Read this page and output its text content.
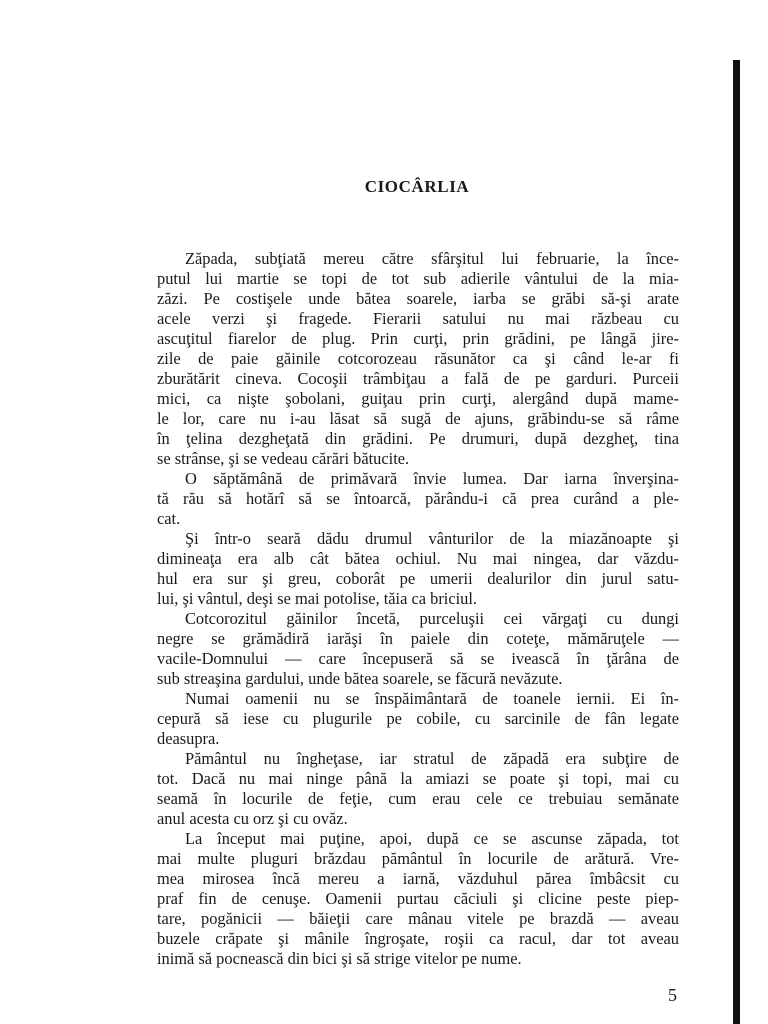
CIOCÂRLIA
Zăpada, subţiată mereu către sfârşitul lui februarie, la înce-
putul lui martie se topi de tot sub adierile vântului de la mia-
zăzi. Pe costişele unde bătea soarele, iarba se grăbi să-şi arate
acele verzi şi fragede. Fierarii satului nu mai răzbeau cu
ascuţitul fiarelor de plug. Prin curţi, prin grădini, pe lângă jire-
zile de paie găinile cotcorozeau răsunător ca şi când le-ar fi
zburătărit cineva. Cocoşii trâmbiţau a fală de pe garduri. Purceii
mici, ca nişte şobolani, guiţau prin curţi, alergând după mame-
le lor, care nu i-au lăsat să sugă de ajuns, grăbindu-se să râme
în ţelina dezgheţată din grădini. Pe drumuri, după dezgheţ, tina
se strânse, şi se vedeau cărări bătucite.
O săptămână de primăvară învie lumea. Dar iarna înverşina-
tă rău să hotărî să se întoarcă, părându-i că prea curând a ple-
cat.
Şi într-o seară dădu drumul vânturilor de la miazănoapte şi
dimineaţa era alb cât bătea ochiul. Nu mai ningea, dar văzdu-
hul era sur şi greu, coborât pe umerii dealurilor din jurul satu-
lui, şi vântul, deşi se mai potolise, tăia ca briciul.
Cotcorozitul găinilor încetă, purceluşii cei vărgaţi cu dungi
negre se grămădiră iarăşi în paiele din coteţe, mămăruţele —
vacile-Domnului — care începuseră să se ivească în ţărâna de
sub streaşina gardului, unde bătea soarele, se făcură nevăzute.
Numai oamenii nu se înspăimântară de toanele iernii. Ei în-
cepură să iese cu plugurile pe cobile, cu sarcinile de fân legate
deasupra.
Pământul nu îngheţase, iar stratul de zăpadă era subţire de
tot. Dacă nu mai ninge până la amiazi se poate şi topi, mai cu
seamă în locurile de feţie, cum erau cele ce trebuiau semănate
anul acesta cu orz şi cu ovăz.
La început mai puţine, apoi, după ce se ascunse zăpada, tot
mai multe pluguri brăzdau pământul în locurile de arătură. Vre-
mea mirosea încă mereu a iarnă, văzduhul părea îmbâcsit cu
praf fin de cenuşe. Oamenii purtau căciuli şi clicine peste piep-
tare, pogănicii — băieţii care mânau vitele pe brazdă — aveau
buzele crăpate şi mânile îngroşate, roşii ca racul, dar tot aveau
inimă să pocnească din bici şi să strige vitelor pe nume.
5
